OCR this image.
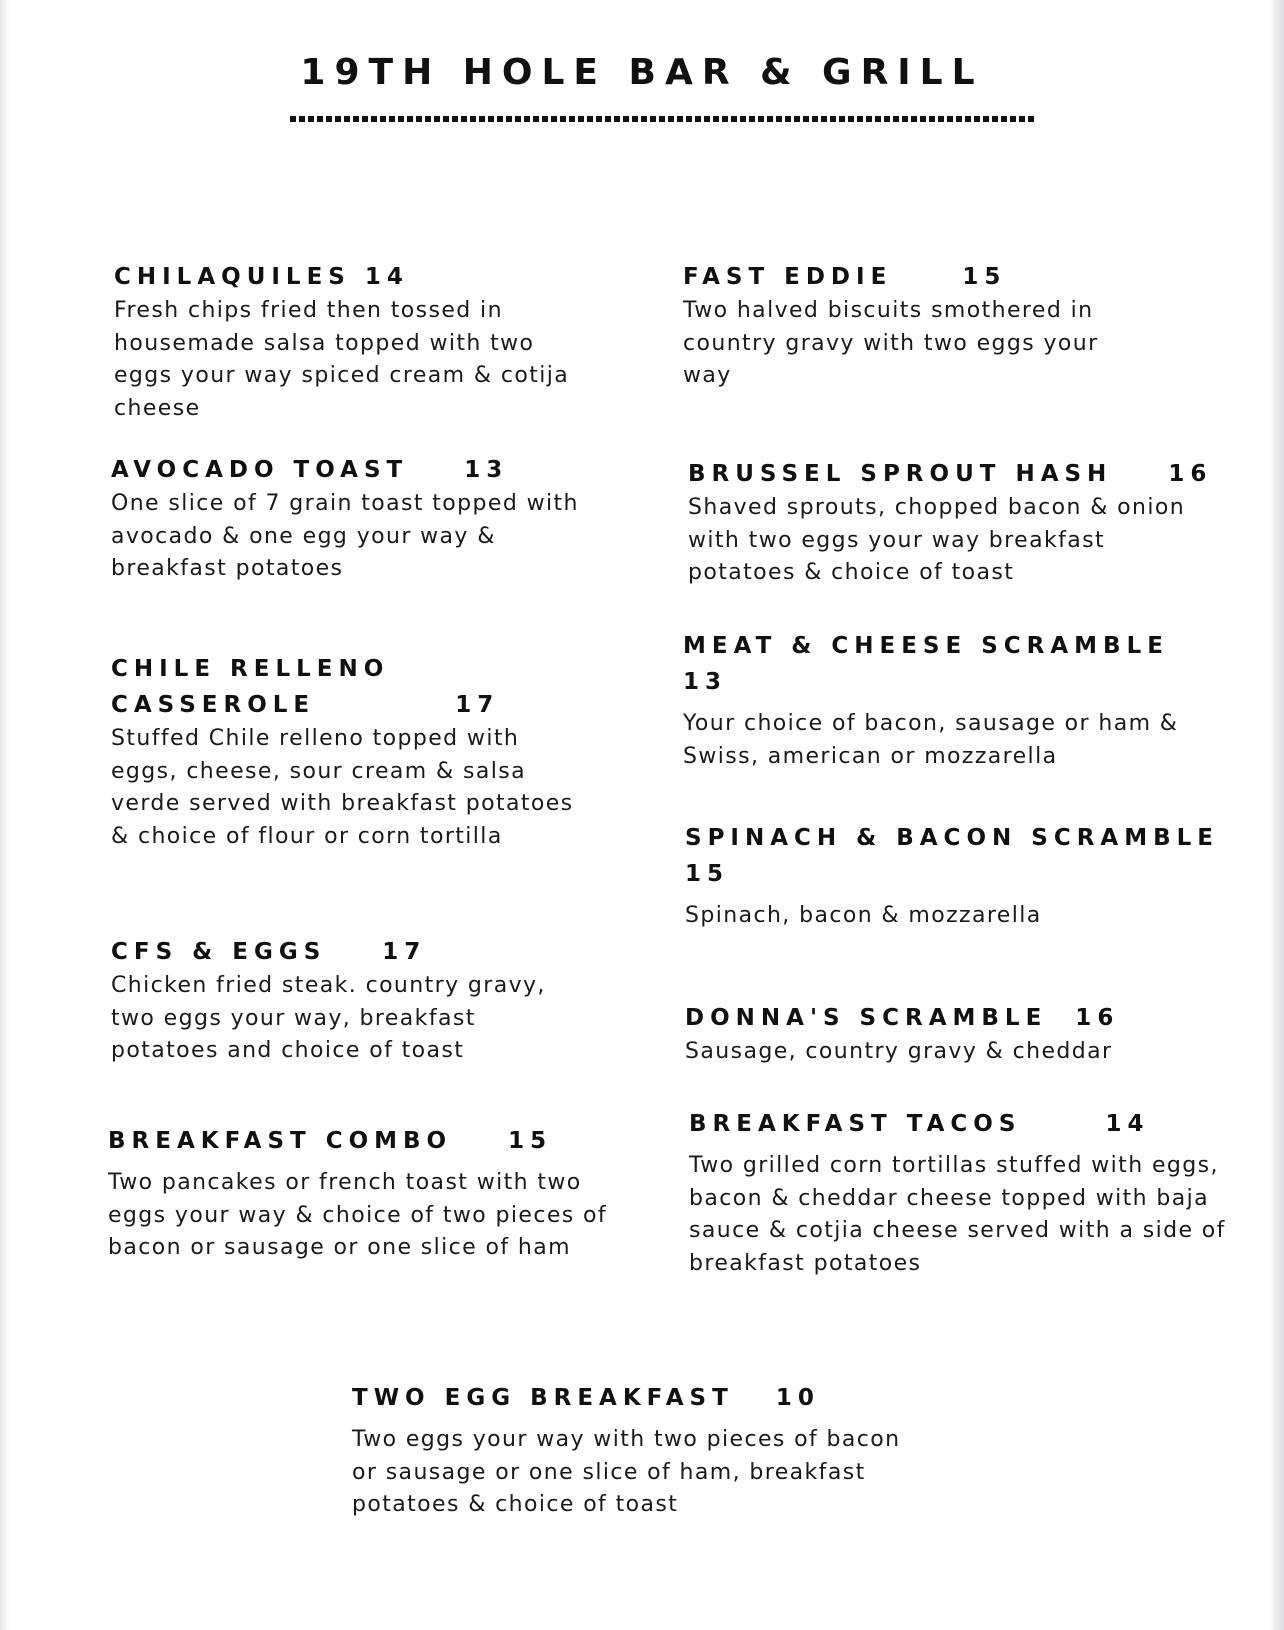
19TH HOLE BAR & GRILL
CHILAQUILES 14
Fresh chips fried then tossed in housemade salsa topped with two eggs your way spiced cream & cotija cheese
AVOCADO TOAST    13
One slice of 7 grain toast topped with avocado & one egg your way & breakfast potatoes
CHILE RELLENO CASSEROLE          17
Stuffed Chile relleno topped with eggs, cheese, sour cream & salsa verde served with breakfast potatoes & choice of flour or corn tortilla
CFS & EGGS    17
Chicken fried steak. country gravy, two eggs your way, breakfast potatoes and choice of toast
BREAKFAST COMBO    15
Two pancakes or french toast with two eggs your way & choice of two pieces of bacon or sausage or one slice of ham
FAST EDDIE     15
Two halved biscuits smothered in country gravy with two eggs your way
BRUSSEL SPROUT HASH    16
Shaved sprouts, chopped bacon & onion with two eggs your way breakfast potatoes & choice of toast
MEAT & CHEESE SCRAMBLE 13
Your choice of bacon, sausage or ham & Swiss, american or mozzarella
SPINACH & BACON SCRAMBLE 15
Spinach, bacon & mozzarella
DONNA'S SCRAMBLE  16
Sausage, country gravy & cheddar
BREAKFAST TACOS      14
Two grilled corn tortillas stuffed with eggs, bacon & cheddar cheese topped with baja sauce & cotjia cheese served with a side of breakfast potatoes
TWO EGG BREAKFAST   10
Two eggs your way with two pieces of bacon or sausage or one slice of ham, breakfast potatoes & choice of toast
